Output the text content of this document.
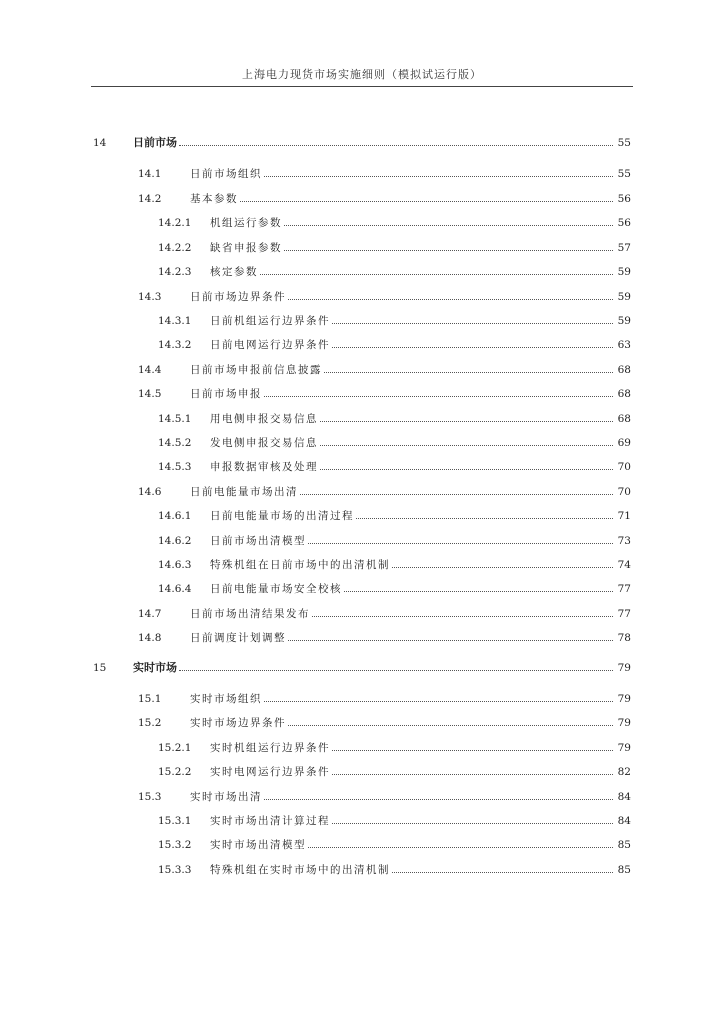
上海电力现货市场实施细则（模拟试运行版）
14	日前市场	55
14.1	日前市场组织	55
14.2	基本参数	56
14.2.1	机组运行参数	56
14.2.2	缺省申报参数	57
14.2.3	核定参数	59
14.3	日前市场边界条件	59
14.3.1	日前机组运行边界条件	59
14.3.2	日前电网运行边界条件	63
14.4	日前市场申报前信息披露	68
14.5	日前市场申报	68
14.5.1	用电侧申报交易信息	68
14.5.2	发电侧申报交易信息	69
14.5.3	申报数据审核及处理	70
14.6	日前电能量市场出清	70
14.6.1	日前电能量市场的出清过程	71
14.6.2	日前市场出清模型	73
14.6.3	特殊机组在日前市场中的出清机制	74
14.6.4	日前电能量市场安全校核	77
14.7	日前市场出清结果发布	77
14.8	日前调度计划调整	78
15	实时市场	79
15.1	实时市场组织	79
15.2	实时市场边界条件	79
15.2.1	实时机组运行边界条件	79
15.2.2	实时电网运行边界条件	82
15.3	实时市场出清	84
15.3.1	实时市场出清计算过程	84
15.3.2	实时市场出清模型	85
15.3.3	特殊机组在实时市场中的出清机制	85
